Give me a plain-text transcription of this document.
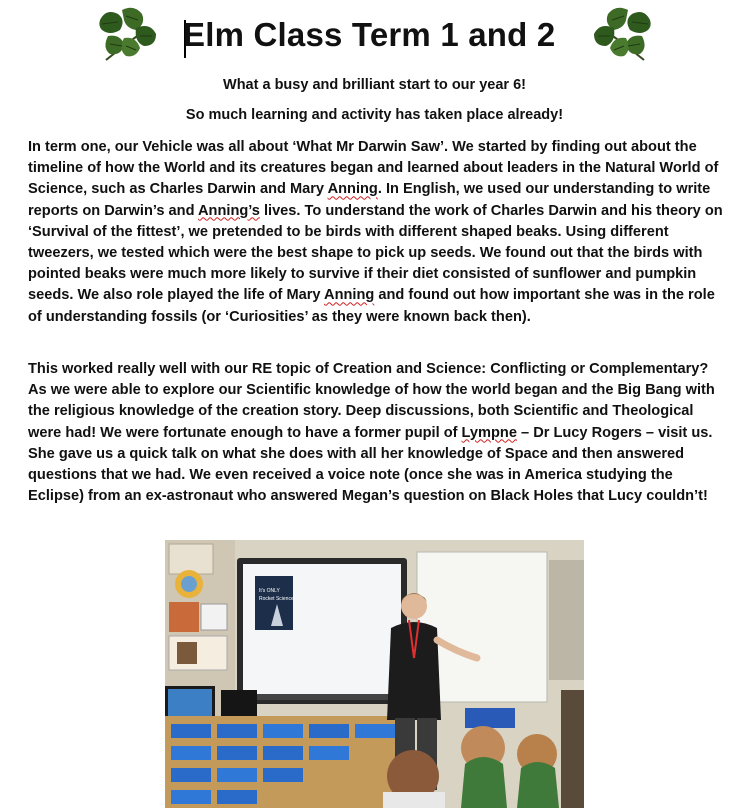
Elm Class Term 1 and 2
What a busy and brilliant start to our year 6!
So much learning and activity has taken place already!

In term one, our Vehicle was all about ‘What Mr Darwin Saw’. We started by finding out about the timeline of how the World and its creatures began and learned about leaders in the Natural World of Science, such as Charles Darwin and Mary Anning. In English, we used our understanding to write reports on Darwin’s and Anning’s lives. To understand the work of Charles Darwin and his theory on ‘Survival of the fittest’, we pretended to be birds with different shaped beaks. Using different tweezers, we tested which were the best shape to pick up seeds. We found out that the birds with pointed beaks were much more likely to survive if their diet consisted of sunflower and pumpkin seeds. We also role played the life of Mary Anning and found out how important she was in the role of understanding fossils (or ‘Curiosities’ as they were known back then).

This worked really well with our RE topic of Creation and Science: Conflicting or Complementary? As we were able to explore our Scientific knowledge of how the world began and the Big Bang with the religious knowledge of the creation story. Deep discussions, both Scientific and Theological were had! We were fortunate enough to have a former pupil of Lympne – Dr Lucy Rogers – visit us. She gave us a quick talk on what she does with all her knowledge of Space and then answered questions that we had. We even received a voice note (once she was in America studying the Eclipse) from an ex-astronaut who answered Megan’s question on Black Holes that Lucy couldn’t!

It's ONLY
Rocket Science
